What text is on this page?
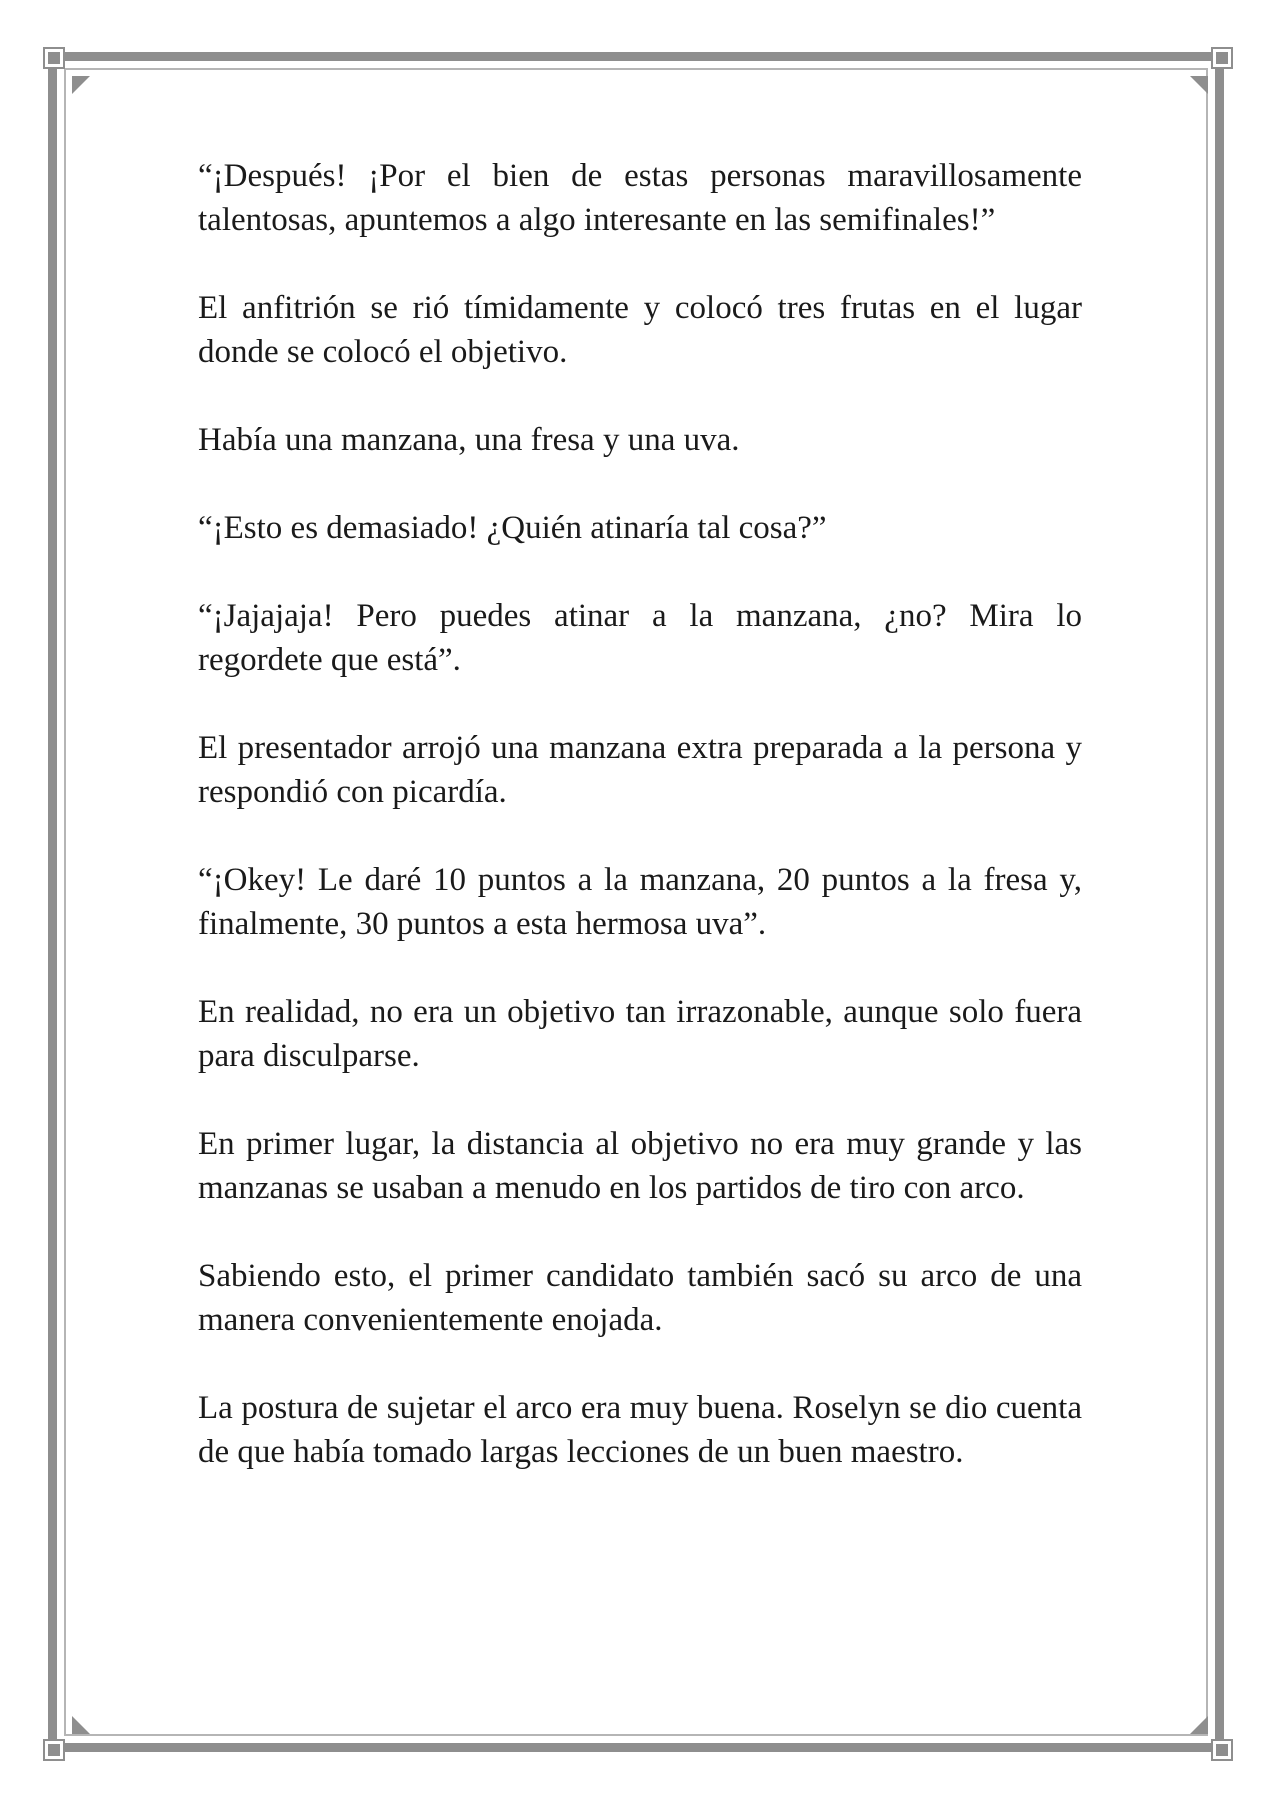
“¡Después! ¡Por el bien de estas personas maravillosamente talentosas, apuntemos a algo interesante en las semifinales!”

El anfitrión se rió tímidamente y colocó tres frutas en el lugar donde se colocó el objetivo.

Había una manzana, una fresa y una uva.

“¡Esto es demasiado! ¿Quién atinaría tal cosa?”

“¡Jajajaja! Pero puedes atinar a la manzana, ¿no? Mira lo regordete que está”.

El presentador arrojó una manzana extra preparada a la persona y respondió con picardía.

“¡Okey! Le daré 10 puntos a la manzana, 20 puntos a la fresa y, finalmente, 30 puntos a esta hermosa uva”.

En realidad, no era un objetivo tan irrazonable, aunque solo fuera para disculparse.

En primer lugar, la distancia al objetivo no era muy grande y las manzanas se usaban a menudo en los partidos de tiro con arco.

Sabiendo esto, el primer candidato también sacó su arco de una manera convenientemente enojada.

La postura de sujetar el arco era muy buena. Roselyn se dio cuenta de que había tomado largas lecciones de un buen maestro.
